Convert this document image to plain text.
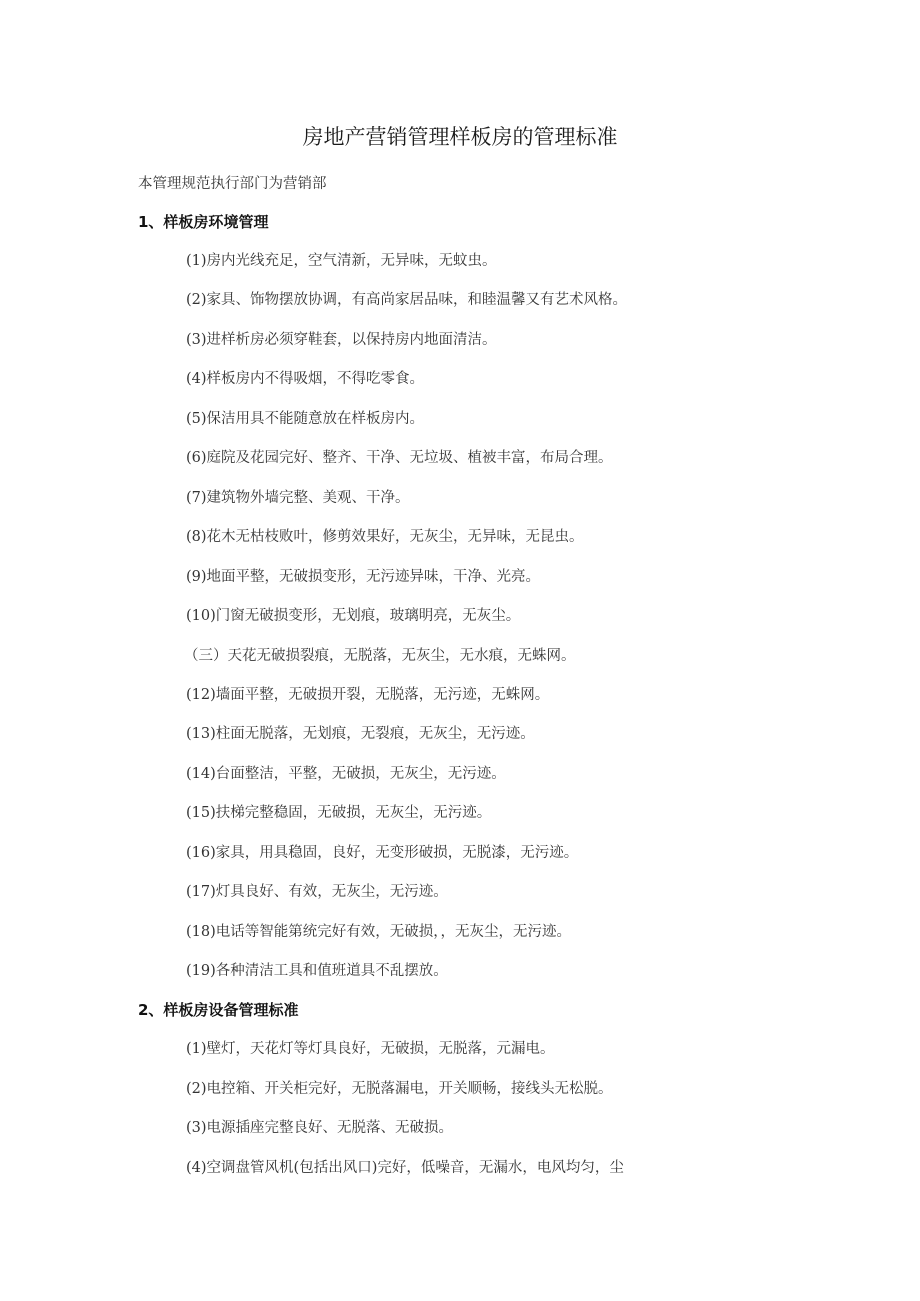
房地产营销管理样板房的管理标准
本管理规范执行部门为营销部
1、样板房环境管理
(1)房内光线充足，空气清新，无异味，无蚊虫。
(2)家具、饰物摆放协调，有高尚家居品味，和睦温馨又有艺术风格。
(3)进样析房必须穿鞋套，以保持房内地面清洁。
(4)样板房内不得吸烟，不得吃零食。
(5)保洁用具不能随意放在样板房内。
(6)庭院及花园完好、整齐、干净、无垃圾、植被丰富，布局合理。
(7)建筑物外墙完整、美观、干净。
(8)花木无枯枝败叶，修剪效果好，无灰尘，无异味，无昆虫。
(9)地面平整，无破损变形，无污迹异味，干净、光亮。
(10)门窗无破损变形，无划痕，玻璃明亮，无灰尘。
（三）天花无破损裂痕，无脱落，无灰尘，无水痕，无蛛网。
(12)墙面平整，无破损开裂，无脱落，无污迹，无蛛网。
(13)柱面无脱落，无划痕，无裂痕，无灰尘，无污迹。
(14)台面整洁，平整，无破损，无灰尘，无污迹。
(15)扶梯完整稳固，无破损，无灰尘，无污迹。
(16)家具，用具稳固，良好，无变形破损，无脱漆，无污迹。
(17)灯具良好、有效，无灰尘，无污迹。
(18)电话等智能第统完好有效，无破损，，无灰尘，无污迹。
(19)各种清洁工具和值班道具不乱摆放。
2、样板房设备管理标准
(1)壁灯，天花灯等灯具良好，无破损，无脱落，元漏电。
(2)电控箱、开关柜完好，无脱落漏电，开关顺畅，接线头无松脱。
(3)电源插座完整良好、无脱落、无破损。
(4)空调盘管风机(包括出风口)完好，低噪音，无漏水，电风均匀，尘
